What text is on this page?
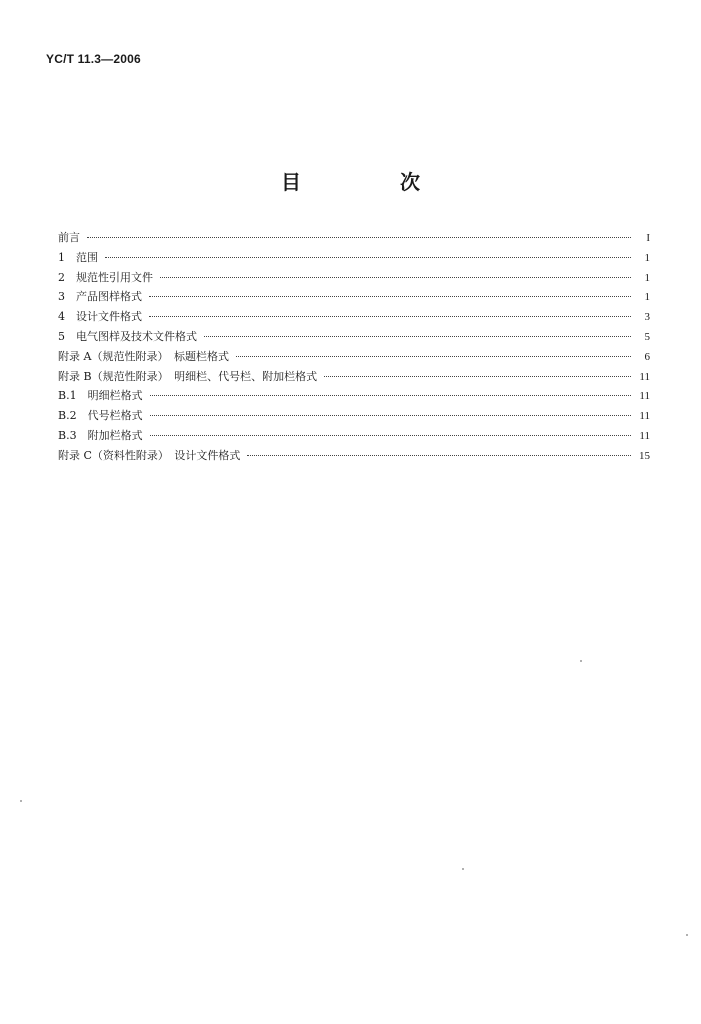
YC/T 11.3—2006
目 次
前言	I
1　范围	1
2　规范性引用文件	1
3　产品图样格式	1
4　设计文件格式	3
5　电气图样及技术文件格式	5
附录 A（规范性附录）　标题栏格式	6
附录 B（规范性附录）　明细栏、代号栏、附加栏格式	11
B.1　明细栏格式	11
B.2　代号栏格式	11
B.3　附加栏格式	11
附录 C（资料性附录）　设计文件格式	15
